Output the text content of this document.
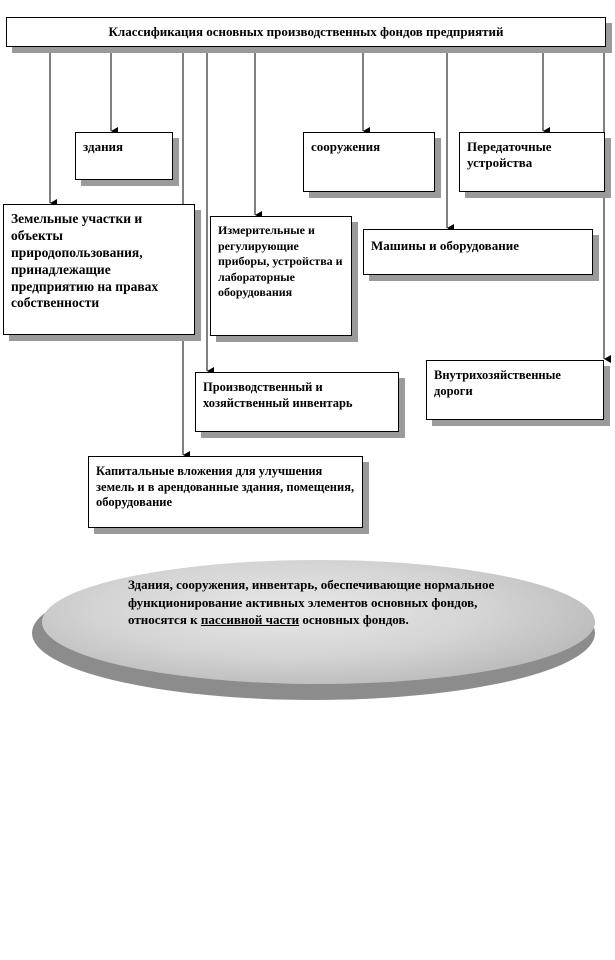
Классификация основных производственных фондов предприятий
здания	сооружения	Передаточные устройства
Земельные участки и объекты природопользования, принадлежащие предприятию на правах собственности
Измерительные и регулирующие приборы, устройства и лабораторные оборудования
Машины и оборудование
Производственный и хозяйственный инвентарь
Внутрихозяйственные дороги
Капитальные вложения для улучшения земель и в арендованные здания, помещения, оборудование
Здания, сооружения, инвентарь, обеспечивающие нормальное функционирование активных элементов основных фондов, относятся к пассивной части основных фондов.
